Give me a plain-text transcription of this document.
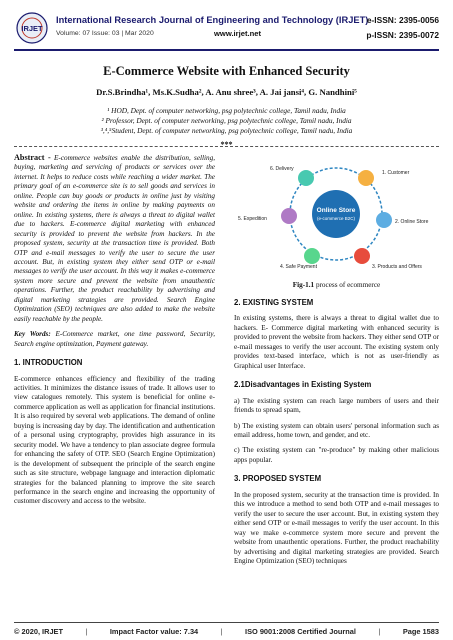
IRJET
International Research Journal of Engineering and Technology (IRJET)
e-ISSN: 2395-0056
Volume: 07 Issue: 03 | Mar 2020	www.irjet.net	p-ISSN: 2395-0072
E-Commerce Website with Enhanced Security
Dr.S.Brindha¹, Ms.K.Sudha², A. Anu shree³, A. Jai jansi⁴, G. Nandhini⁵
¹ HOD, Dept. of computer networking, psg polytechnic college, Tamil nadu, India
² Professor, Dept. of computer networking, psg polytechnic college, Tamil nadu, India
³,⁴,⁵Student, Dept. of computer networking, psg polytechnic college, Tamil nadu, India
***

Abstract - E-commerce websites enable the distribution, selling, buying, marketing and servicing of products or services over the internet. It helps to reduce costs while reaching a wider market. The primary goal of an e-commerce site is to sell goods and services in online. People can buy goods or products in online just by visiting website and ordering the items in online by making payments on online. In existing systems, there is always a threat to digital wallet due to hackers. E-commerce digital marketing with enhanced security is provided to prevent the website from hackers. In the proposed system, security at the transaction time is provided. Both OTP and e-mail messages to verify the user to secure the user account. But, in existing system they either send OTP or e-mail messages to verify the user account. In this way it makes e-commerce system more secure and prevent the website from unauthentic operations. Further, the product reachability by advertising and digital marketing strategies are provided. Search Engine Optimization (SEO) techniques are also added to make the website easily reachable by the people.

Key Words: E-Commerce market, one time password, Security, Search engine optimization, Payment gateway.

1. INTRODUCTION

E-commerce enhances efficiency and flexibility of the trading activities. It minimizes the distance issues of trade. It allows user to view catalogues remotely. This system is beneficial for online e-commerce application as well as application for financial institutions. It is also required by several web applications. The demand of online buying is increasing day by day. The identification and authentication of a personal using cryptography, provides high assurance in its security model. We have a tendency to plan associate degree formula for enhancing the safety of OTP. SEO (Search Engine Optimization) is the development of subsequent the principle of the search engine such as site structure, webpage language and interaction diplomatic strategies for the balanced planning to improve the site search performance in the search engine and increasing the opportunity of customer discovery and access to the website.

Online Store
(e-commerce B2C)
1. Customer
2. Online Store
3. Products and Offers
4. Safe Payment
5. Expedition
6. Delivery
Fig-1.1 process of ecommerce
2. EXISTING SYSTEM

In existing systems, there is always a threat to digital wallet due to hackers. E- Commerce digital marketing with enhanced security is provided to prevent the website from hackers. They either send OTP or e-mail messages to verify the user account. The existing system only provides text-based interface, which is not as user-friendly as Graphical user Interface.

2.1Disadvantages in Existing System

a) The existing system can reach large numbers of users and their friends to spread spam,

b) The existing system can obtain users' personal information such as email address, home town, and gender, and etc.

c) The existing system can "re-produce" by making other malicious apps popular.

3. PROPOSED SYSTEM

In the proposed system, security at the transaction time is provided. In this we introduce a method to send both OTP and e-mail messages to verify the user to secure the user account. But, in existing system they either send OTP or e-mail messages to verify the user account. In this way we make e-commerce system more secure and prevent the website from unauthentic operations. Further, the product reachability by advertising and digital marketing strategies are provided. Search Engine Optimization (SEO) techniques

© 2020, IRJET	|	Impact Factor value: 7.34	|	ISO 9001:2008 Certified Journal	|	Page 1583
